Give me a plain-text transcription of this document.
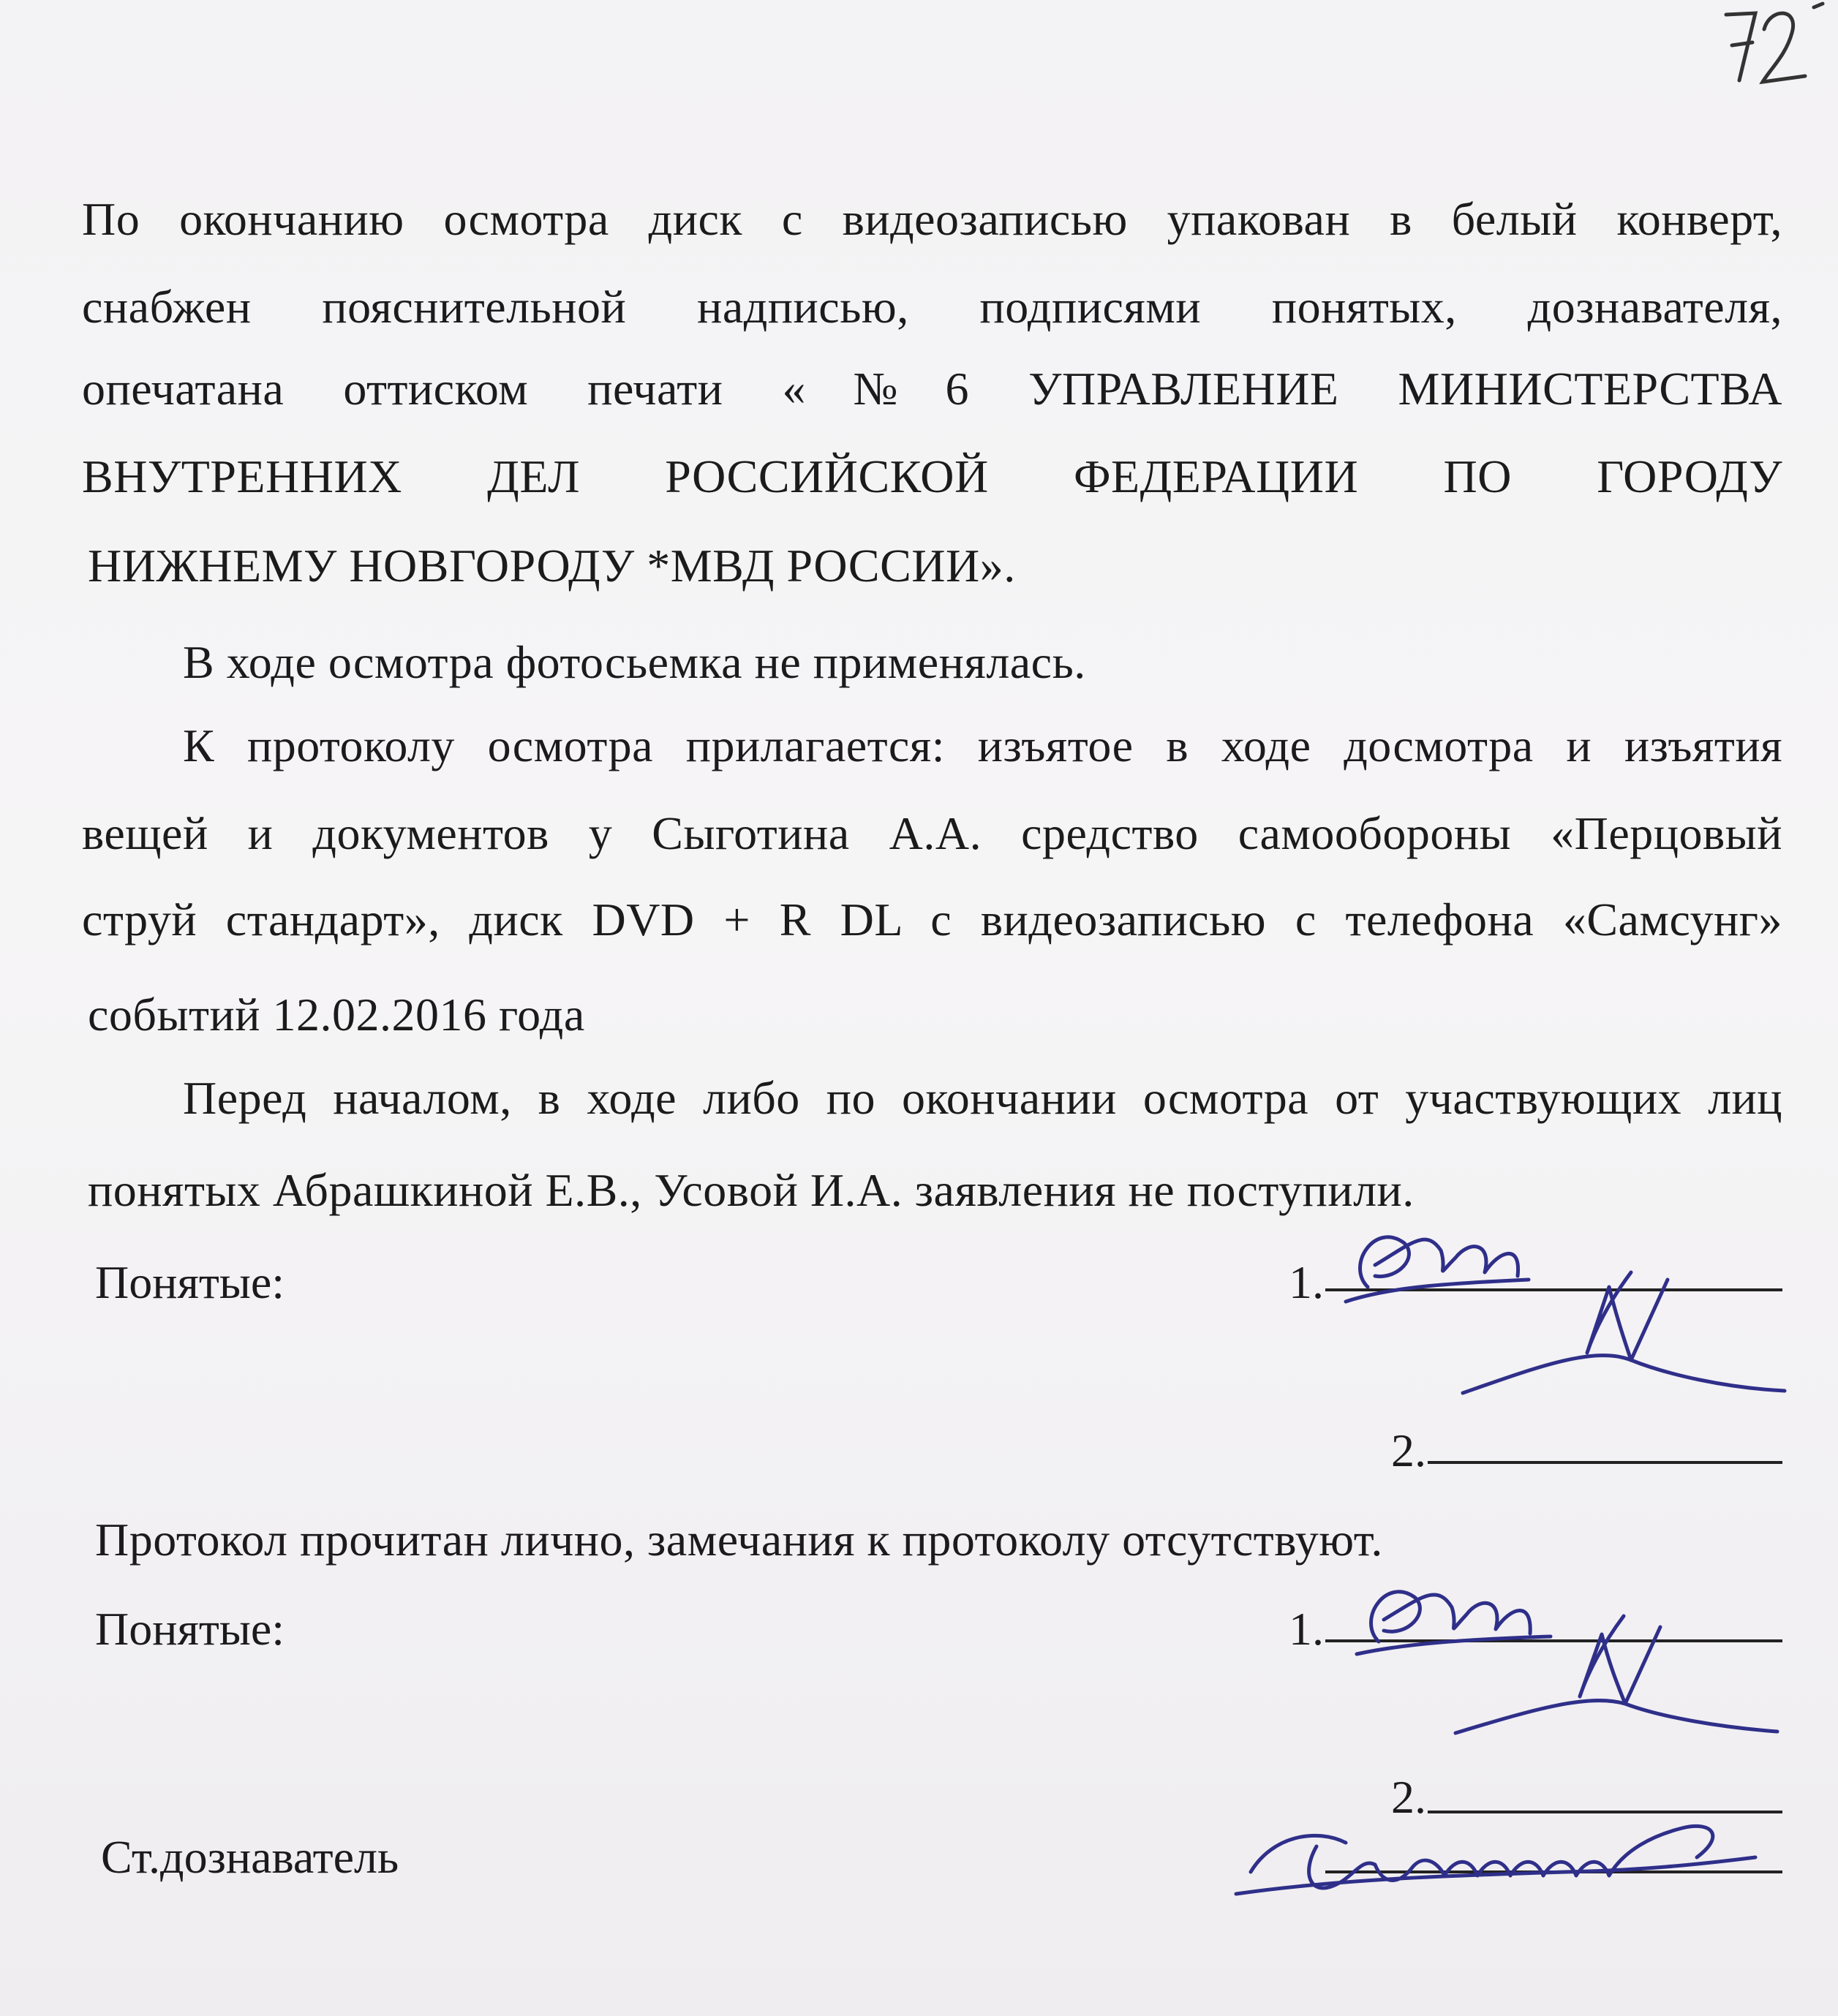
По окончанию осмотра диск с видеозаписью упакован в белый конверт,
снабжен пояснительной надписью, подписями понятых, дознавателя,
опечатана оттиском печати «№6 УПРАВЛЕНИЕ МИНИСТЕРСТВА
ВНУТРЕННИХ ДЕЛ РОССИЙСКОЙ ФЕДЕРАЦИИ ПО ГОРОДУ
НИЖНЕМУ НОВГОРОДУ *МВД РОССИИ».
В ходе осмотра фотосьемка не применялась.
К протоколу осмотра прилагается: изъятое в ходе досмотра и изъятия
вещей и документов у Сыготина А.А. средство самообороны «Перцовый
струй стандарт», диск DVD + R DL с видеозаписью с телефона «Самсунг»
событий 12.02.2016 года
Перед началом, в ходе либо по окончании осмотра от участвующих лиц
понятых Абрашкиной Е.В., Усовой И.А. заявления не поступили.
Понятые:	1.
2.
Протокол прочитан лично, замечания к протоколу отсутствуют.
Понятые:	1.
2.
Ст.дознаватель
